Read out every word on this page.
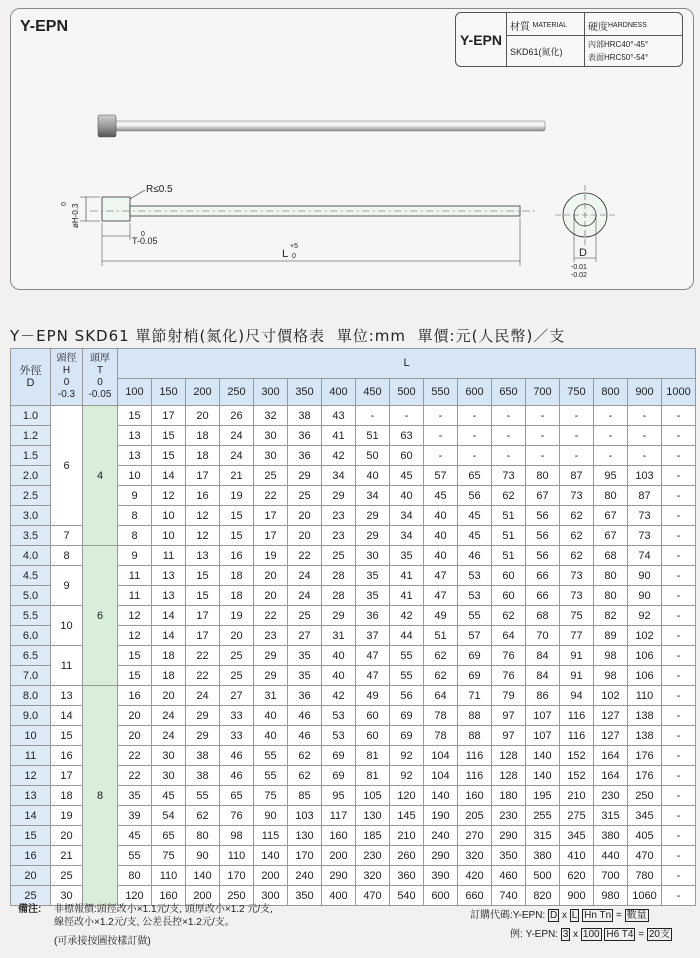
Y-EPN
Y-EPN
材質
MATERIAL 硬度 HARDNESS
SKD61(氮化)
內部HRC40°-45°
表面HRC50°-54°
R≤0.5
øH-0.3
0
T-0.05
0
L
+5
0	D
-0.01
-0.02
Y－EPN SKD61 單節射梢(氮化)尺寸價格表 單位:mm 單價:元(人民幣)／支
外徑
D	頭徑
H
0
-0.3	頭厚
T
0
-0.05	L																
			100	150	200	250	300	350	400	450	500	550	600	650	700	750	800	900	1000
1.0	6	4	15	17	20	26	32	38	43	-	-	-	-	-	-	-	-	-	-
1.2			13	15	18	24	30	36	41	51	63	-	-	-	-	-	-	-	-
1.5			13	15	18	24	30	36	42	50	60	-	-	-	-	-	-	-	-
2.0			10	14	17	21	25	29	34	40	45	57	65	73	80	87	95	103	-
2.5			9	12	16	19	22	25	29	34	40	45	56	62	67	73	80	87	-
3.0			8	10	12	15	17	20	23	29	34	40	45	51	56	62	67	73	-
3.5	7		8	10	12	15	17	20	23	29	34	40	45	51	56	62	67	73	-
4.0	8	6	9	11	13	16	19	22	25	30	35	40	46	51	56	62	68	74	-
4.5	9		11	13	15	18	20	24	28	35	41	47	53	60	66	73	80	90	-
5.0			11	13	15	18	20	24	28	35	41	47	53	60	66	73	80	90	-
5.5	10		12	14	17	19	22	25	29	36	42	49	55	62	68	75	82	92	-
6.0			12	14	17	20	23	27	31	37	44	51	57	64	70	77	89	102	-
6.5	11		15	18	22	25	29	35	40	47	55	62	69	76	84	91	98	106	-
7.0			15	18	22	25	29	35	40	47	55	62	69	76	84	91	98	106	-
8.0	13	8	16	20	24	27	31	36	42	49	56	64	71	79	86	94	102	110	-
9.0	14		20	24	29	33	40	46	53	60	69	78	88	97	107	116	127	138	-
10	15		20	24	29	33	40	46	53	60	69	78	88	97	107	116	127	138	-
11	16		22	30	38	46	55	62	69	81	92	104	116	128	140	152	164	176	-
12	17		22	30	38	46	55	62	69	81	92	104	116	128	140	152	164	176	-
13	18		35	45	55	65	75	85	95	105	120	140	160	180	195	210	230	250	-
14	19		39	54	62	76	90	103	117	130	145	190	205	230	255	275	315	345	-
15	20		45	65	80	98	115	130	160	185	210	240	270	290	315	345	380	405	-
16	21		55	75	90	110	140	170	200	230	260	290	320	350	380	410	440	470	-
20	25		80	110	140	170	200	240	290	320	360	390	420	460	500	620	700	780	-
25	30		120	160	200	250	300	350	400	470	540	600	660	740	820	900	980	1060	-
備注: 非標報價:頭徑改小×1.1元/支, 頭厚改小×1.2 元/支,
線徑改小×1.2元/支, 公差長控×1.2元/支。
(可承接按圖按樣訂做)
訂購代碼:Y-EPN: D x L Hn Tn = 數量
例: Y-EPN: 3 x 100 H6 T4 = 20支
